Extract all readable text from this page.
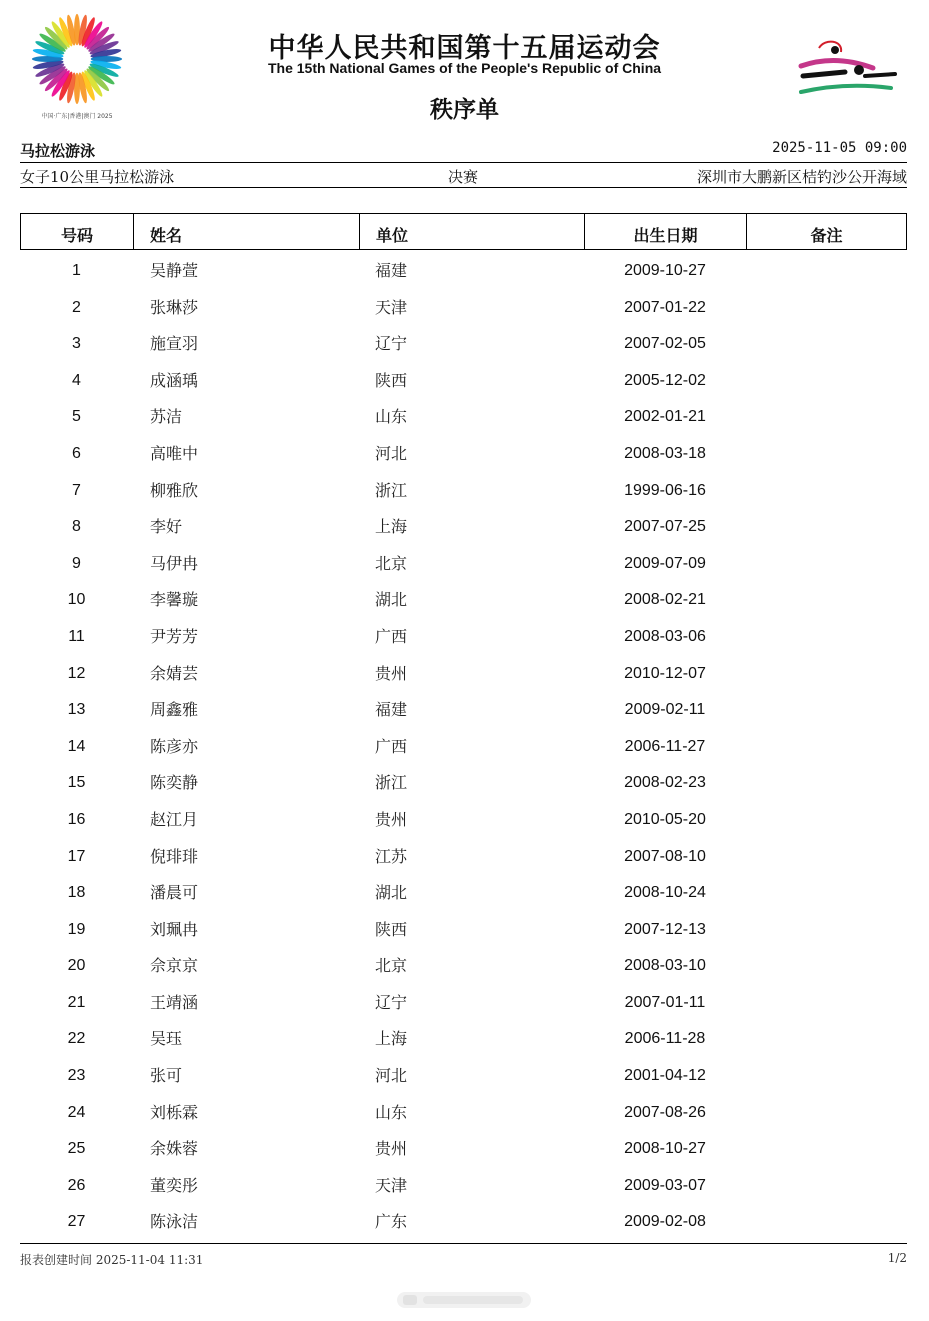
中国·广东|香港|澳门 2025
中华人民共和国第十五届运动会
The 15th National Games of the People's Republic of China
秩序单
马拉松游泳	2025-11-05 09:00
女子10公里马拉松游泳	决赛	深圳市大鹏新区桔钓沙公开海域
号码	姓名	单位	出生日期	备注
1	吴静萱	福建	2009-10-27
2	张琳莎	天津	2007-01-22
3	施宣羽	辽宁	2007-02-05
4	成涵瑀	陕西	2005-12-02
5	苏洁	山东	2002-01-21
6	高唯中	河北	2008-03-18
7	柳雅欣	浙江	1999-06-16
8	李好	上海	2007-07-25
9	马伊冉	北京	2009-07-09
10	李馨璇	湖北	2008-02-21
11	尹芳芳	广西	2008-03-06
12	余婧芸	贵州	2010-12-07
13	周鑫雅	福建	2009-02-11
14	陈彦亦	广西	2006-11-27
15	陈奕静	浙江	2008-02-23
16	赵江月	贵州	2010-05-20
17	倪琲琲	江苏	2007-08-10
18	潘晨可	湖北	2008-10-24
19	刘珮冉	陕西	2007-12-13
20	佘京京	北京	2008-03-10
21	王靖涵	辽宁	2007-01-11
22	吴珏	上海	2006-11-28
23	张可	河北	2001-04-12
24	刘栎霖	山东	2007-08-26
25	余姝蓉	贵州	2008-10-27
26	董奕彤	天津	2009-03-07
27	陈泳洁	广东	2009-02-08
报表创建时间 2025-11-04 11:31	1/2
